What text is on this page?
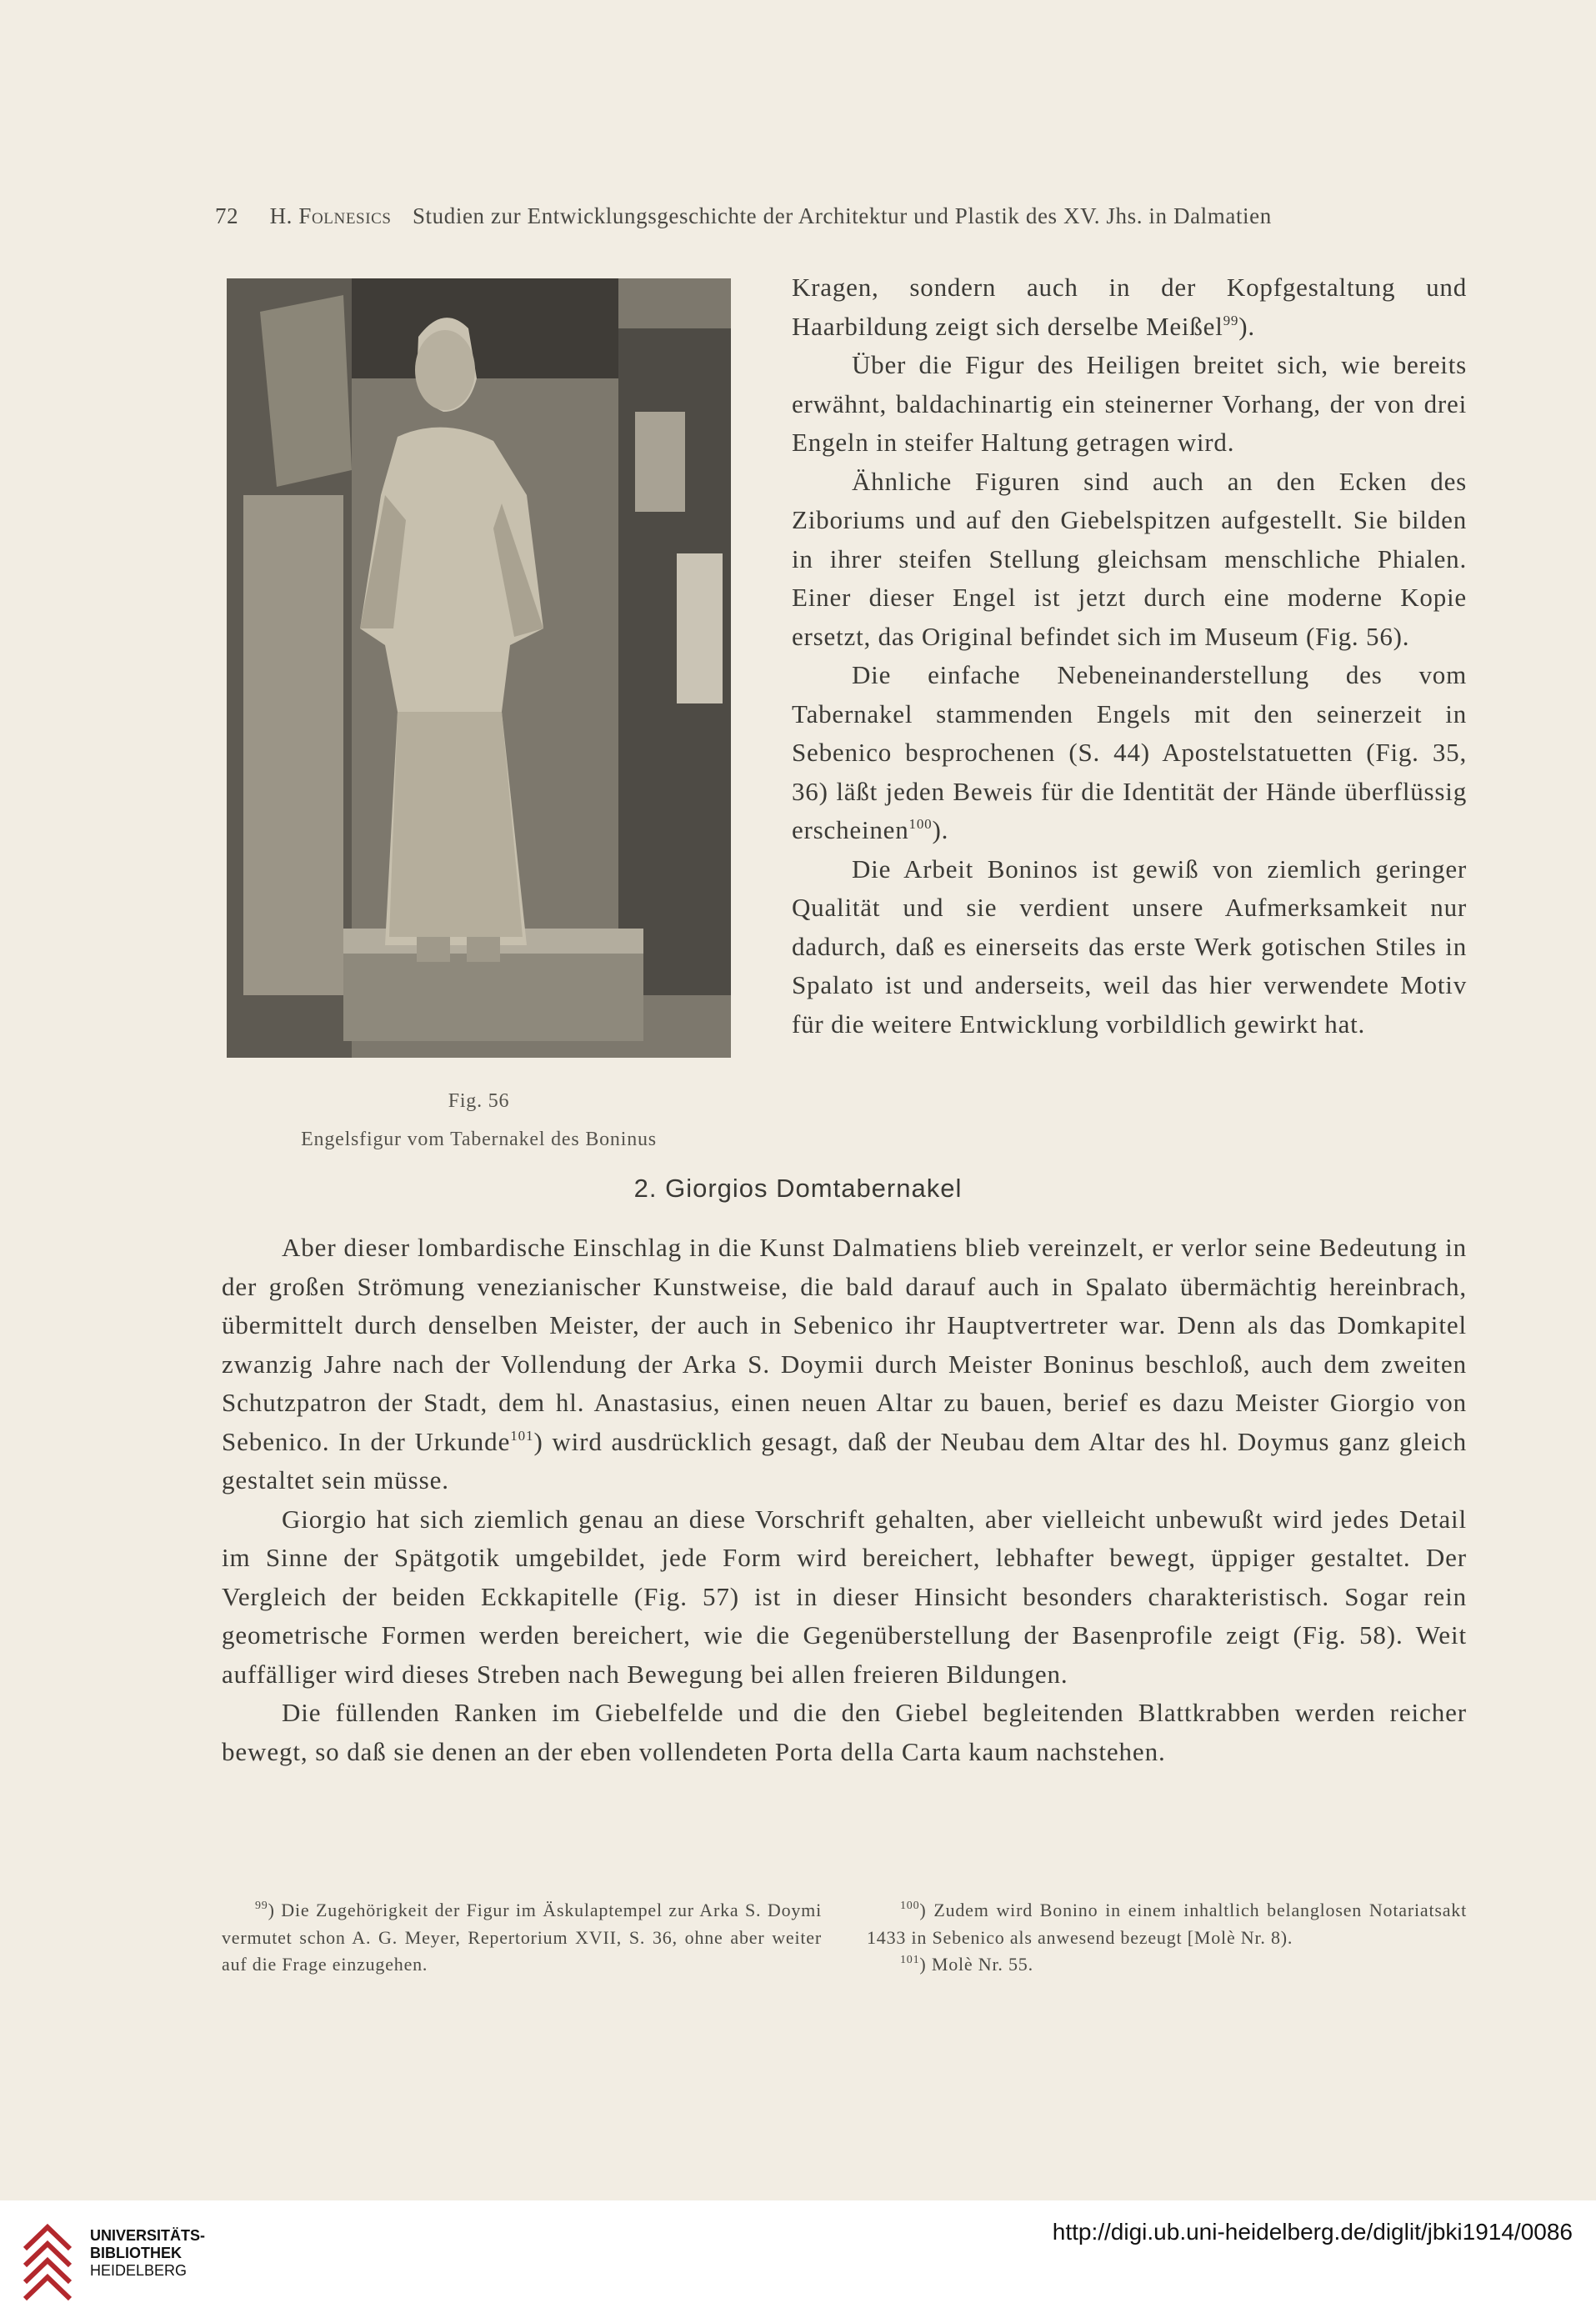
72 H. Folnesics Studien zur Entwicklungsgeschichte der Architektur und Plastik des XV. Jhs. in Dalmatien
Fig. 56
Engelsfigur vom Tabernakel des Boninus

Kragen, sondern auch in der Kopfgestaltung und Haarbildung zeigt sich derselbe Meißel$^{99}$).

Über die Figur des Heiligen breitet sich, wie bereits erwähnt, baldachinartig ein steinerner Vorhang, der von drei Engeln in steifer Haltung getragen wird.

Ähnliche Figuren sind auch an den Ecken des Ziboriums und auf den Giebelspitzen aufgestellt. Sie bilden in ihrer steifen Stellung gleichsam menschliche Phialen. Einer dieser Engel ist jetzt durch eine moderne Kopie ersetzt, das Original befindet sich im Museum (Fig. 56).

Die einfache Nebeneinanderstellung des vom Tabernakel stammenden Engels mit den seinerzeit in Sebenico besprochenen (S. 44) Apostelstatuetten (Fig. 35, 36) läßt jeden Beweis für die Identität der Hände überflüssig erscheinen$^{100}$).

Die Arbeit Boninos ist gewiß von ziemlich geringer Qualität und sie verdient unsere Aufmerksamkeit nur dadurch, daß es einerseits das erste Werk gotischen Stiles in Spalato ist und anderseits, weil das hier verwendete Motiv für die weitere Entwicklung vorbildlich gewirkt hat.

2. Giorgios Domtabernakel

Aber dieser lombardische Einschlag in die Kunst Dalmatiens blieb vereinzelt, er verlor seine Bedeutung in der großen Strömung venezianischer Kunstweise, die bald darauf auch in Spalato übermächtig hereinbrach, übermittelt durch denselben Meister, der auch in Sebenico ihr Hauptvertreter war. Denn als das Domkapitel zwanzig Jahre nach der Vollendung der Arka S. Doymii durch Meister Boninus beschloß, auch dem zweiten Schutzpatron der Stadt, dem hl. Anastasius, einen neuen Altar zu bauen, berief es dazu Meister Giorgio von Sebenico. In der Urkunde$^{101}$) wird ausdrücklich gesagt, daß der Neubau dem Altar des hl. Doymus ganz gleich gestaltet sein müsse.

Giorgio hat sich ziemlich genau an diese Vorschrift gehalten, aber vielleicht unbewußt wird jedes Detail im Sinne der Spätgotik umgebildet, jede Form wird bereichert, lebhafter bewegt, üppiger gestaltet. Der Vergleich der beiden Eckkapitelle (Fig. 57) ist in dieser Hinsicht besonders charakteristisch. Sogar rein geometrische Formen werden bereichert, wie die Gegenüberstellung der Basenprofile zeigt (Fig. 58). Weit auffälliger wird dieses Streben nach Bewegung bei allen freieren Bildungen.

Die füllenden Ranken im Giebelfelde und die den Giebel begleitenden Blattkrabben werden reicher bewegt, so daß sie denen an der eben vollendeten Porta della Carta kaum nachstehen.

$^{99}$) Die Zugehörigkeit der Figur im Äskulaptempel zur Arka S. Doymi vermutet schon A. G. Meyer, Repertorium XVII, S. 36, ohne aber weiter auf die Frage einzugehen.

$^{100}$) Zudem wird Bonino in einem inhaltlich belanglosen Notariatsakt 1433 in Sebenico als anwesend bezeugt [Molè Nr. 8).

$^{101}$) Molè Nr. 55.

UNIVERSITÄTS-
BIBLIOTHEK
HEIDELBERG
http://digi.ub.uni-heidelberg.de/diglit/jbki1914/0086
